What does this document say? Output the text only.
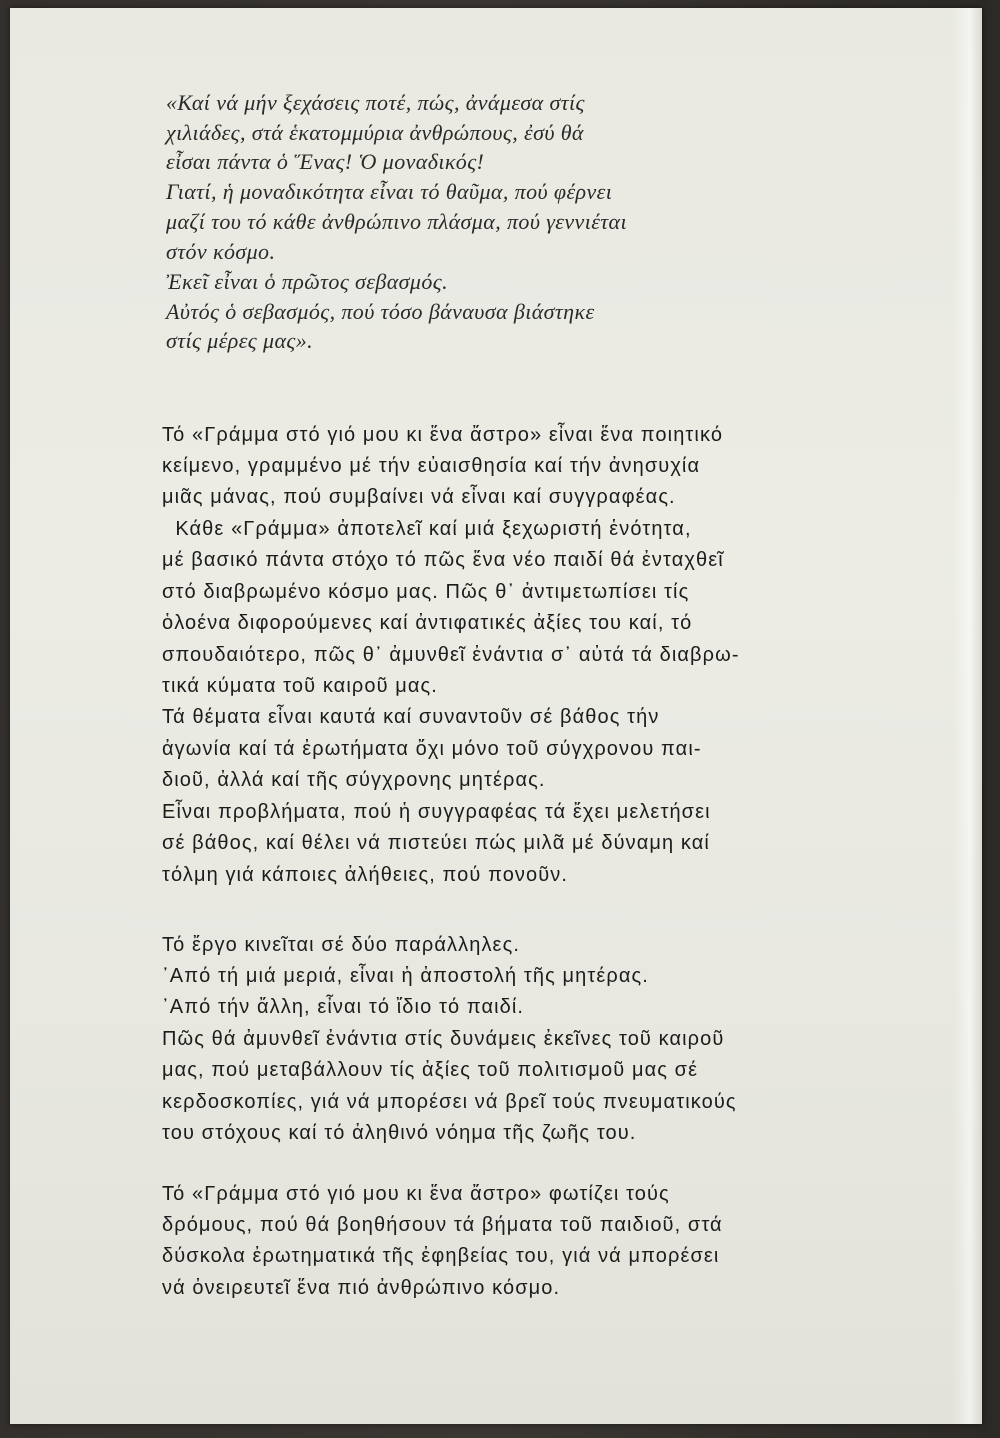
«Καί νά μήν ξεχάσεις ποτέ, πώς, ἀνάμεσα στίς
χιλιάδες, στά ἑκατομμύρια ἀνθρώπους, ἐσύ θά
εἶσαι πάντα ὁ Ἕνας! Ὁ μοναδικός!
Γιατί, ἡ μοναδικότητα εἶναι τό θαῦμα, πού φέρνει
μαζί του τό κάθε ἀνθρώπινο πλάσμα, πού γεννιέται
στόν κόσμο.
Ἐκεῖ εἶναι ὁ πρῶτος σεβασμός.
Αὐτός ὁ σεβασμός, πού τόσο βάναυσα βιάστηκε
στίς μέρες μας».
Τό «Γράμμα στό γιό μου κι ἕνα ἄστρο» εἶναι ἕνα ποιητικό
κείμενο, γραμμένο μέ τήν εὐαισθησία καί τήν ἀνησυχία
μιᾶς μάνας, πού συμβαίνει νά εἶναι καί συγγραφέας.
Κάθε «Γράμμα» ἀποτελεῖ καί μιά ξεχωριστή ἑνότητα,
μέ βασικό πάντα στόχο τό πῶς ἕνα νέο παιδί θά ἐνταχθεῖ
στό διαβρωμένο κόσμο μας. Πῶς θ᾽ ἀντιμετωπίσει τίς
ὁλοένα διφορούμενες καί ἀντιφατικές ἀξίες του καί, τό
σπουδαιότερο, πῶς θ᾽ ἀμυνθεῖ ἐνάντια σ᾽ αὐτά τά διαβρω-
τικά κύματα τοῦ καιροῦ μας.
Τά θέματα εἶναι καυτά καί συναντοῦν σέ βάθος τήν
ἀγωνία καί τά ἐρωτήματα ὄχι μόνο τοῦ σύγχρονου παι-
διοῦ, ἀλλά καί τῆς σύγχρονης μητέρας.
Εἶναι προβλήματα, πού ἡ συγγραφέας τά ἔχει μελετήσει
σέ βάθος, καί θέλει νά πιστεύει πώς μιλᾶ μέ δύναμη καί
τόλμη γιά κάποιες ἀλήθειες, πού πονοῦν.
Τό ἔργο κινεῖται σέ δύο παράλληλες.
᾽Από τή μιά μεριά, εἶναι ἡ ἀποστολή τῆς μητέρας.
᾽Από τήν ἄλλη, εἶναι τό ἴδιο τό παιδί.
Πῶς θά ἀμυνθεῖ ἐνάντια στίς δυνάμεις ἐκεῖνες τοῦ καιροῦ
μας, πού μεταβάλλουν τίς ἀξίες τοῦ πολιτισμοῦ μας σέ
κερδοσκοπίες, γιά νά μπορέσει νά βρεῖ τούς πνευματικούς
του στόχους καί τό ἀληθινό νόημα τῆς ζωῆς του.
Τό «Γράμμα στό γιό μου κι ἕνα ἄστρο» φωτίζει τούς
δρόμους, πού θά βοηθήσουν τά βήματα τοῦ παιδιοῦ, στά
δύσκολα ἐρωτηματικά τῆς ἐφηβείας του, γιά νά μπορέσει
νά ὀνειρευτεῖ ἕνα πιό ἀνθρώπινο κόσμο.
